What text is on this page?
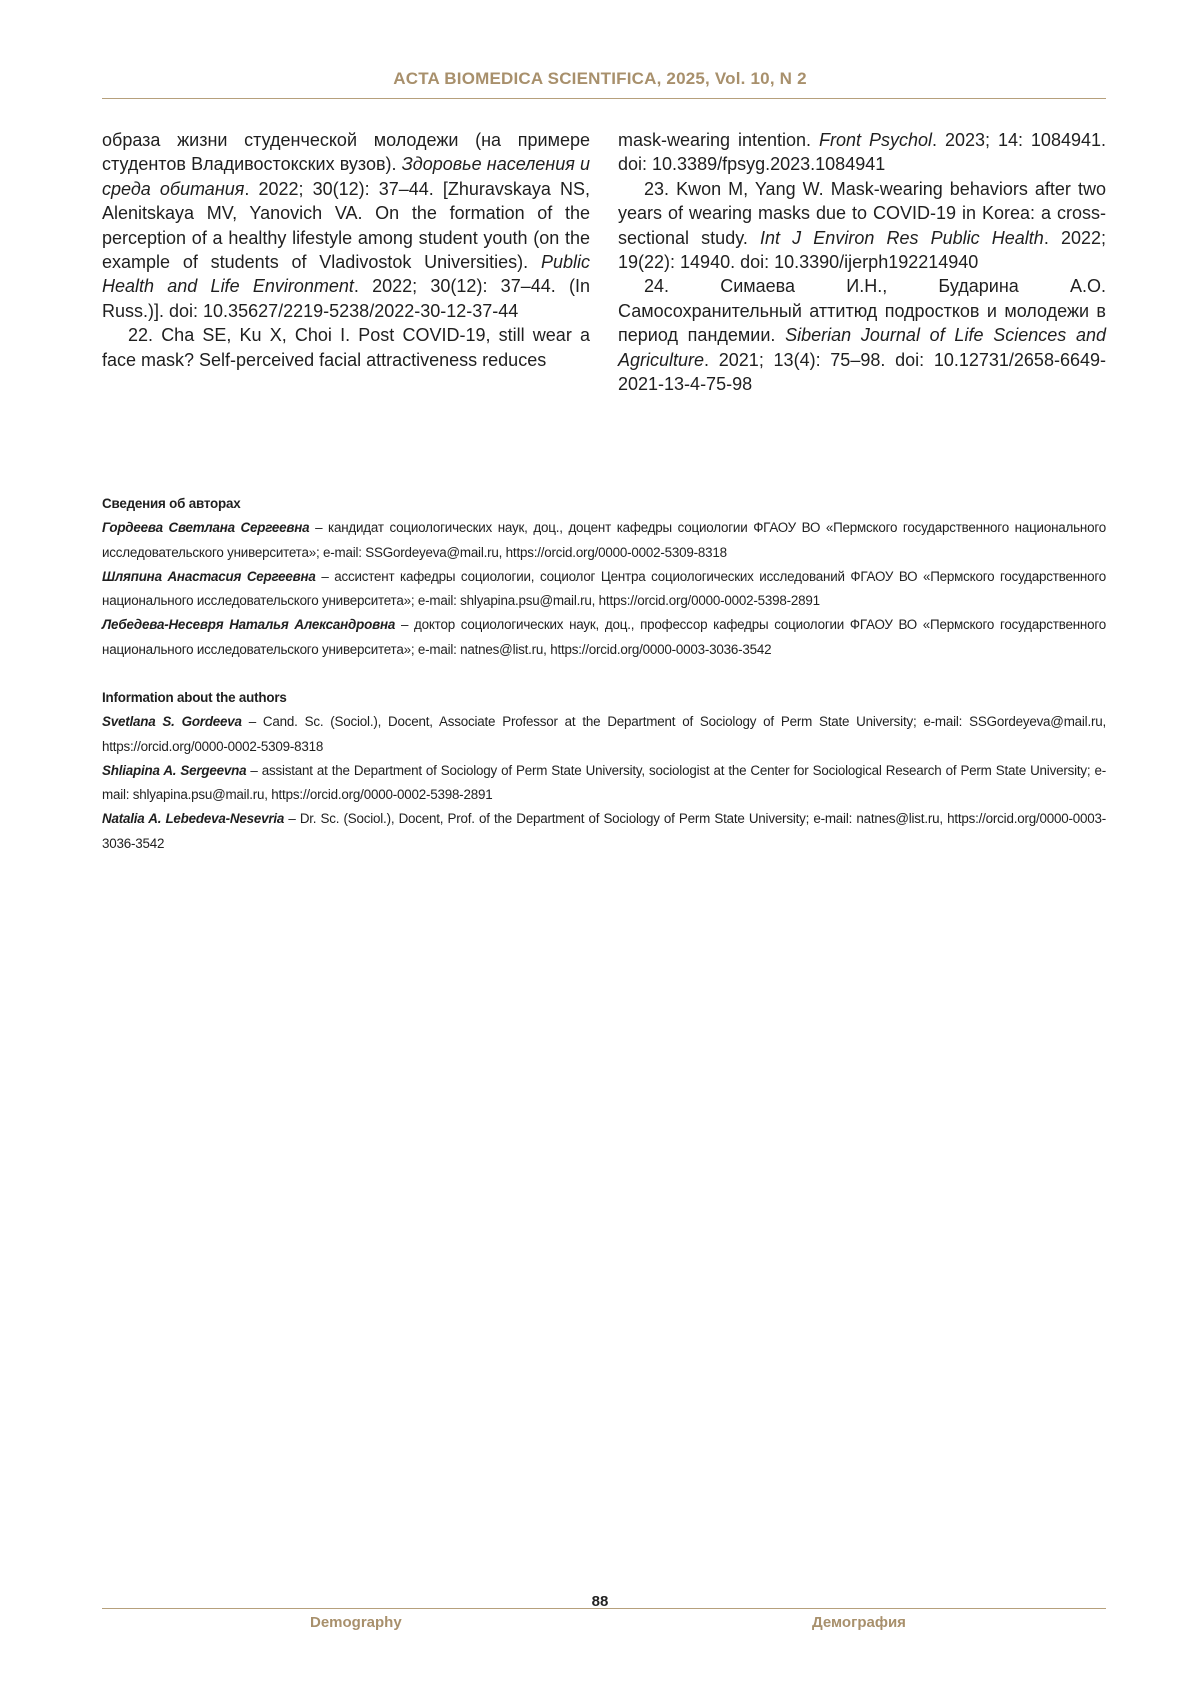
ACTA BIOMEDICA SCIENTIFICA, 2025, Vol. 10, N 2

образа жизни студенческой молодежи (на примере студентов Владивостокских вузов). Здоровье населения и среда обитания. 2022; 30(12): 37–44. [Zhuravskaya NS, Alenitskaya MV, Yanovich VA. On the formation of the perception of a healthy lifestyle among student youth (on the example of students of Vladivostok Universities). Public Health and Life Environment. 2022; 30(12): 37–44. (In Russ.)]. doi: 10.35627/2219-5238/2022-30-12-37-44

22. Cha SE, Ku X, Choi I. Post COVID-19, still wear a face mask? Self-perceived facial attractiveness reduces

mask-wearing intention. Front Psychol. 2023; 14: 1084941. doi: 10.3389/fpsyg.2023.1084941

23. Kwon M, Yang W. Mask-wearing behaviors after two years of wearing masks due to COVID-19 in Korea: a cross-sectional study. Int J Environ Res Public Health. 2022; 19(22): 14940. doi: 10.3390/ijerph192214940

24. Симаева И.Н., Бударина А.О. Самосохранительный аттитюд подростков и молодежи в период пандемии. Siberian Journal of Life Sciences and Agriculture. 2021; 13(4): 75–98. doi: 10.12731/2658-6649-2021-13-4-75-98

Сведения об авторах

Гордеева Светлана Сергеевна – кандидат социологических наук, доц., доцент кафедры социологии ФГАОУ ВО «Пермского государственного национального исследовательского университета»; e-mail: SSGordeyeva@mail.ru, https://orcid.org/0000-0002-5309-8318

Шляпина Анастасия Сергеевна – ассистент кафедры социологии, социолог Центра социологических исследований ФГАОУ ВО «Пермского государственного национального исследовательского университета»; e-mail: shlyapina.psu@mail.ru, https://orcid.org/0000-0002-5398-2891

Лебедева-Несевря Наталья Александровна – доктор социологических наук, доц., профессор кафедры социологии ФГАОУ ВО «Пермского государственного национального исследовательского университета»; e-mail: natnes@list.ru, https://orcid.org/0000-0003-3036-3542

Information about the authors

Svetlana S. Gordeeva – Cand. Sc. (Sociol.), Docent, Associate Professor at the Department of Sociology of Perm State University; e-mail: SSGordeyeva@mail.ru, https://orcid.org/0000-0002-5309-8318

Shliapina A. Sergeevna – assistant at the Department of Sociology of Perm State University, sociologist at the Center for Sociological Research of Perm State University; e-mail: shlyapina.psu@mail.ru, https://orcid.org/0000-0002-5398-2891

Natalia A. Lebedeva-Nesevria – Dr. Sc. (Sociol.), Docent, Prof. of the Department of Sociology of Perm State University; e-mail: natnes@list.ru, https://orcid.org/0000-0003-3036-3542

88
Demography	Демография
